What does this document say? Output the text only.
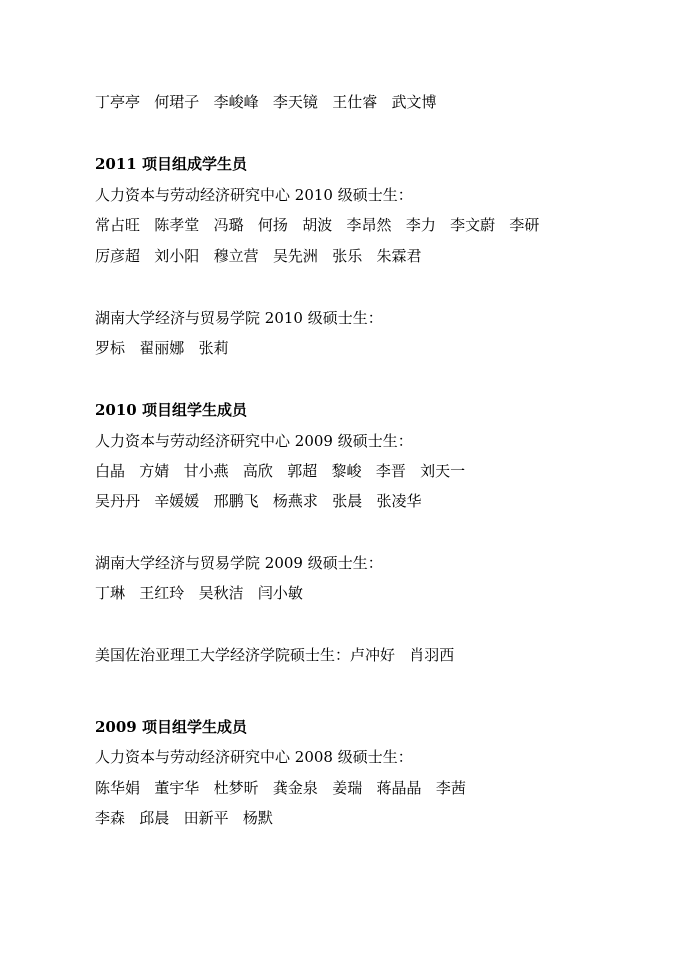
丁亭亭   何珺子   李峻峰   李天镜   王仕睿   武文博
2011 项目组成学生员
人力资本与劳动经济研究中心 2010 级硕士生：
常占旺   陈孝堂   冯璐   何扬   胡波   李昂然   李力   李文蔚   李研
厉彦超   刘小阳   穆立营   吴先洲   张乐   朱霖君
湖南大学经济与贸易学院 2010 级硕士生：
罗标   翟丽娜   张莉
2010 项目组学生成员
人力资本与劳动经济研究中心 2009 级硕士生：
白晶   方婧   甘小燕   高欣   郭超   黎峻   李晋   刘天一
吴丹丹   辛媛媛   邢鹏飞   杨燕求   张晨   张凌华
湖南大学经济与贸易学院 2009 级硕士生：
丁琳   王红玲   吴秋洁   闫小敏
美国佐治亚理工大学经济学院硕士生：卢冲好   肖羽西
2009 项目组学生成员
人力资本与劳动经济研究中心 2008 级硕士生：
陈华娟   董宇华   杜梦昕   龚金泉   姜瑞   蒋晶晶   李茜
李森   邱晨   田新平   杨默
